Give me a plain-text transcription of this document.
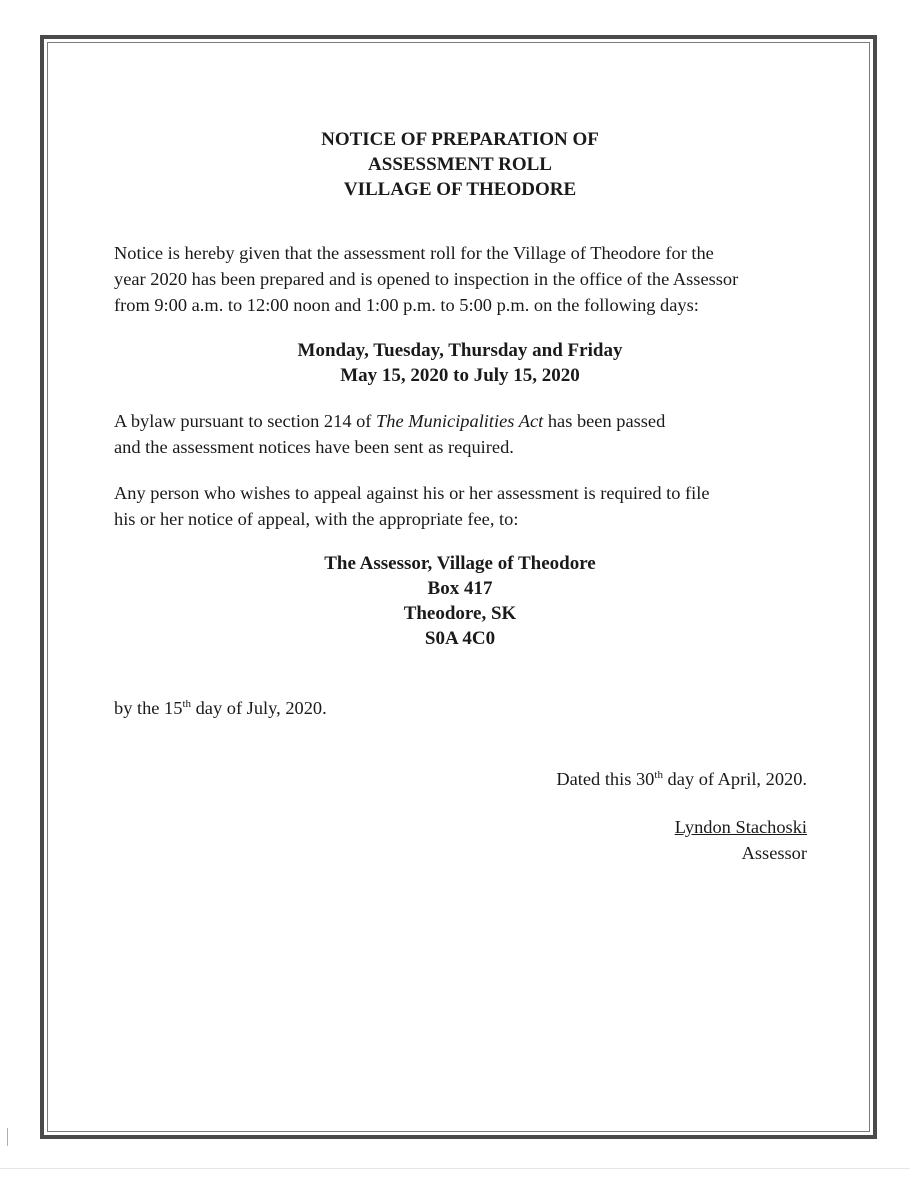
NOTICE OF PREPARATION OF
ASSESSMENT ROLL
VILLAGE OF THEODORE
Notice is hereby given that the assessment roll for the Village of Theodore for the
year 2020 has been prepared and is opened to inspection in the office of the Assessor
from 9:00 a.m. to 12:00 noon and 1:00 p.m. to 5:00 p.m. on the following days:
Monday, Tuesday, Thursday and Friday
May 15, 2020 to July 15, 2020
A bylaw pursuant to section 214 of The Municipalities Act has been passed
and the assessment notices have been sent as required.
Any person who wishes to appeal against his or her assessment is required to file
his or her notice of appeal, with the appropriate fee, to:
The Assessor, Village of Theodore
Box 417
Theodore, SK
S0A 4C0
by the 15th day of July, 2020.
Dated this 30th day of April, 2020.
Lyndon Stachoski
Assessor
